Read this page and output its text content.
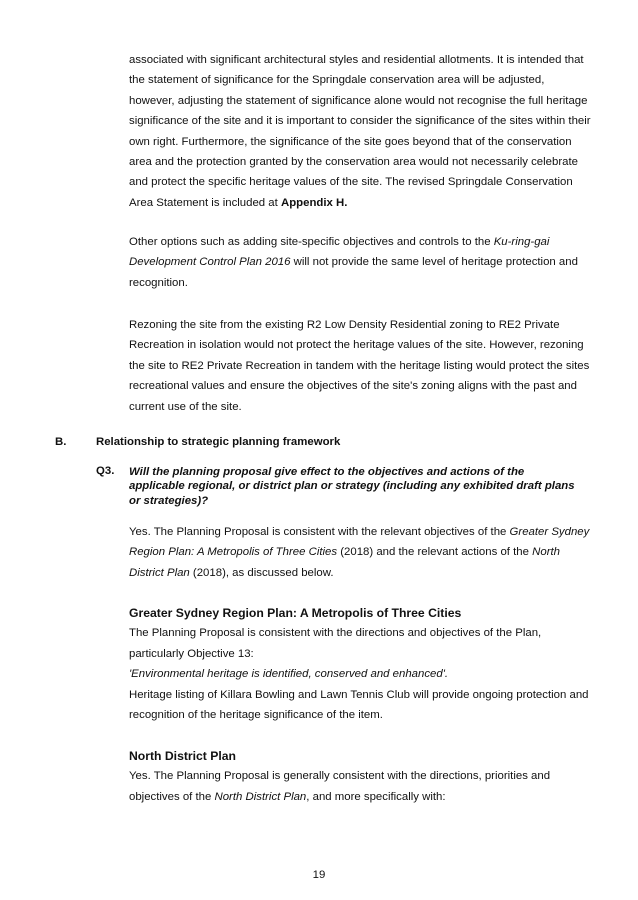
associated with significant architectural styles and residential allotments. It is intended that the statement of significance for the Springdale conservation area will be adjusted, however, adjusting the statement of significance alone would not recognise the full heritage significance of the site and it is important to consider the significance of the sites within their own right. Furthermore, the significance of the site goes beyond that of the conservation area and the protection granted by the conservation area would not necessarily celebrate and protect the specific heritage values of the site. The revised Springdale Conservation Area Statement is included at Appendix H.

Other options such as adding site-specific objectives and controls to the Ku-ring-gai Development Control Plan 2016 will not provide the same level of heritage protection and recognition.

Rezoning the site from the existing R2 Low Density Residential zoning to RE2 Private Recreation in isolation would not protect the heritage values of the site. However, rezoning the site to RE2 Private Recreation in tandem with the heritage listing would protect the sites recreational values and ensure the objectives of the site's zoning aligns with the past and current use of the site.

B.	Relationship to strategic planning framework
Q3. Will the planning proposal give effect to the objectives and actions of the applicable regional, or district plan or strategy (including any exhibited draft plans or strategies)?

Yes. The Planning Proposal is consistent with the relevant objectives of the Greater Sydney Region Plan: A Metropolis of Three Cities (2018) and the relevant actions of the North District Plan (2018), as discussed below.

Greater Sydney Region Plan: A Metropolis of Three Cities

The Planning Proposal is consistent with the directions and objectives of the Plan, particularly Objective 13:

'Environmental heritage is identified, conserved and enhanced'.

Heritage listing of Killara Bowling and Lawn Tennis Club will provide ongoing protection and recognition of the heritage significance of the item.

North District Plan

Yes. The Planning Proposal is generally consistent with the directions, priorities and objectives of the North District Plan, and more specifically with:

19
